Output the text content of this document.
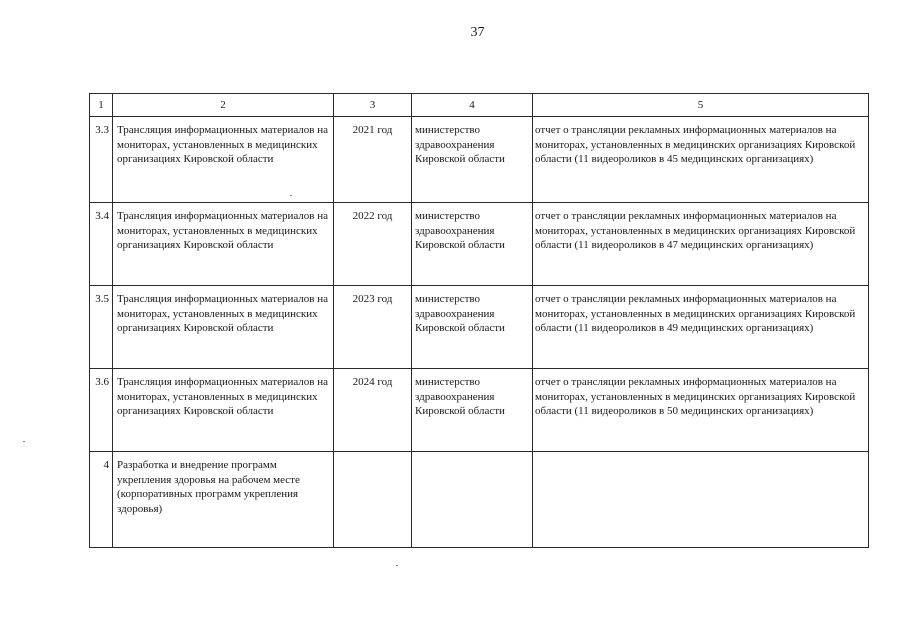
37
1	2	3	4	5
3.3	Трансляция информационных материалов на мониторах, установленных в медицинских организациях Кировской области	2021 год	министерство здравоохранения Кировской области	отчет о трансляции рекламных информационных материалов на мониторах, установленных в медицинских организациях Кировской области (11 видеороликов в 45 медицинских организациях)
3.4	Трансляция информационных материалов на мониторах, установленных в медицинских организациях Кировской области	2022 год	министерство здравоохранения Кировской области	отчет о трансляции рекламных информационных материалов на мониторах, установленных в медицинских организациях Кировской области (11 видеороликов в 47 медицинских организациях)
3.5	Трансляция информационных материалов на мониторах, установленных в медицинских организациях Кировской области	2023 год	министерство здравоохранения Кировской области	отчет о трансляции рекламных информационных материалов на мониторах, установленных в медицинских организациях Кировской области (11 видеороликов в 49 медицинских организациях)
3.6	Трансляция информационных материалов на мониторах, установленных в медицинских организациях Кировской области	2024 год	министерство здравоохранения Кировской области	отчет о трансляции рекламных информационных материалов на мониторах, установленных в медицинских организациях Кировской области (11 видеороликов в 50 медицинских организациях)
4	Разработка и внедрение программ укрепления здоровья на рабочем месте (корпоративных программ укрепления здоровья)			
